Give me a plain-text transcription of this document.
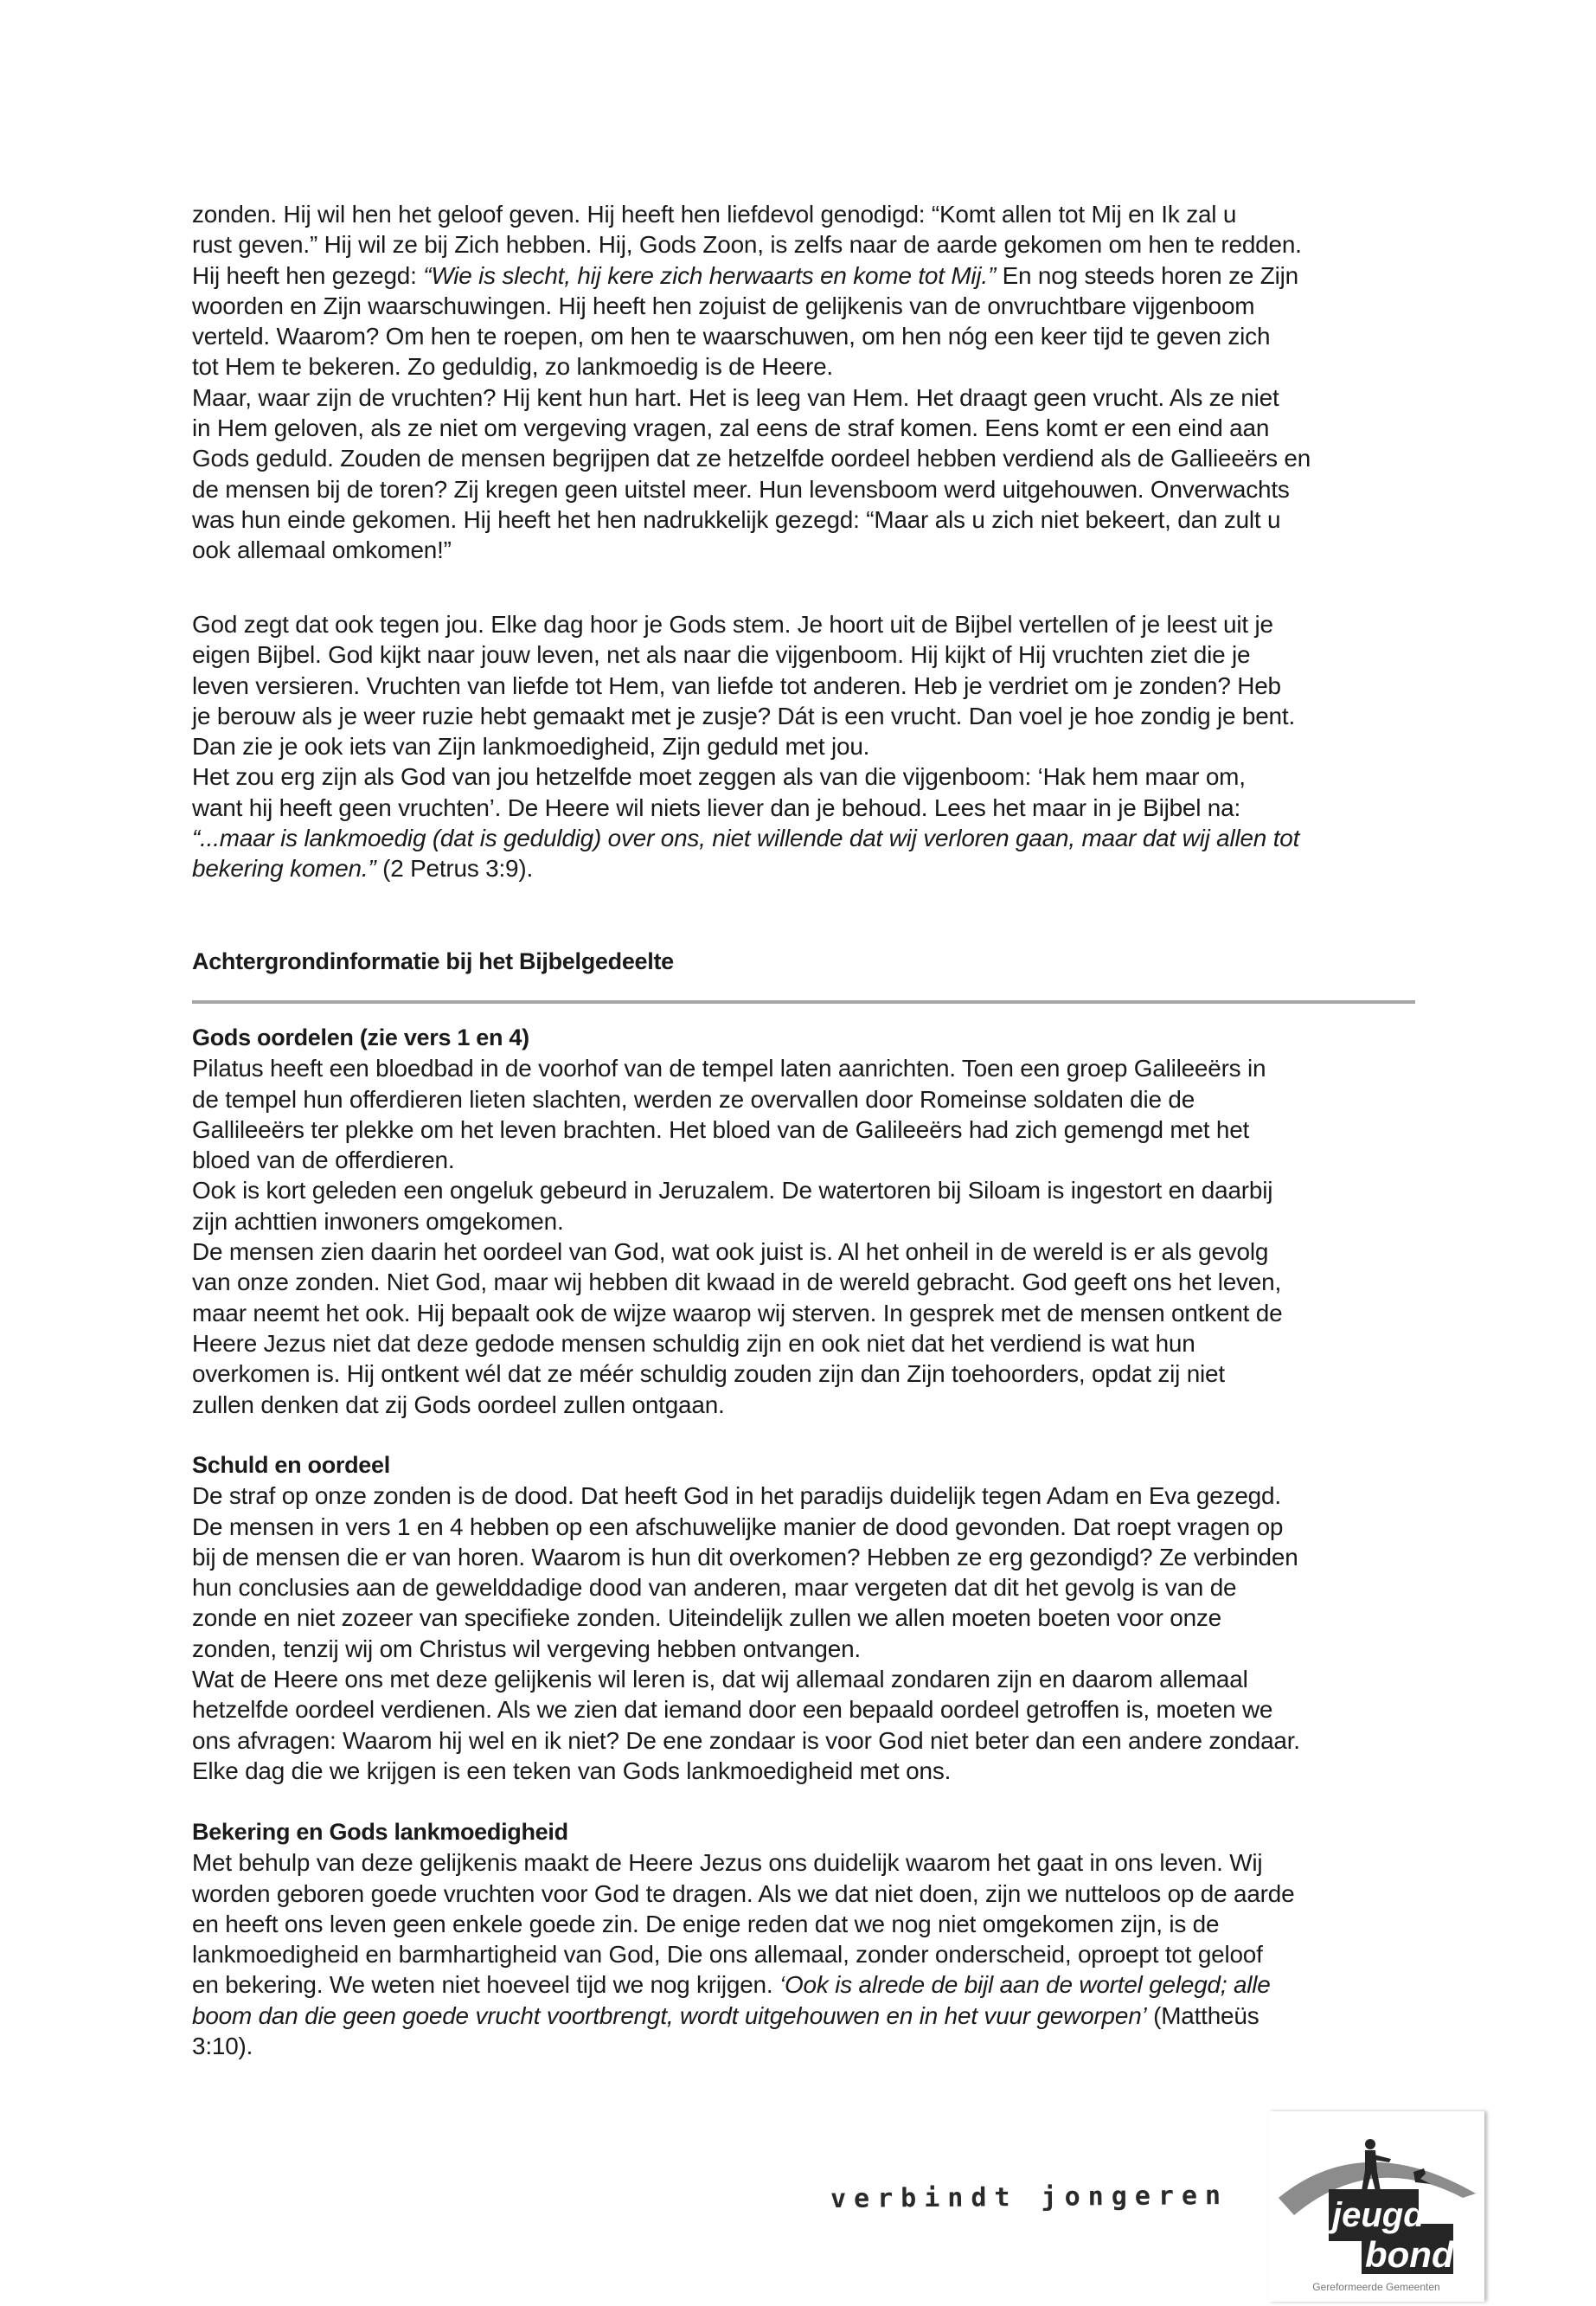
zonden. Hij wil hen het geloof geven. Hij heeft hen liefdevol genodigd: “Komt allen tot Mij en Ik zal u
rust geven.” Hij wil ze bij Zich hebben. Hij, Gods Zoon, is zelfs naar de aarde gekomen om hen te redden.
Hij heeft hen gezegd: “Wie is slecht, hij kere zich herwaarts en kome tot Mij.” En nog steeds horen ze Zijn
woorden en Zijn waarschuwingen. Hij heeft hen zojuist de gelijkenis van de onvruchtbare vijgenboom
verteld. Waarom? Om hen te roepen, om hen te waarschuwen, om hen nóg een keer tijd te geven zich
tot Hem te bekeren. Zo geduldig, zo lankmoedig is de Heere.
Maar, waar zijn de vruchten? Hij kent hun hart. Het is leeg van Hem. Het draagt geen vrucht. Als ze niet
in Hem geloven, als ze niet om vergeving vragen, zal eens de straf komen. Eens komt er een eind aan
Gods geduld. Zouden de mensen begrijpen dat ze hetzelfde oordeel hebben verdiend als de Gallieeërs en
de mensen bij de toren? Zij kregen geen uitstel meer. Hun levensboom werd uitgehouwen. Onverwachts
was hun einde gekomen. Hij heeft het hen nadrukkelijk gezegd: “Maar als u zich niet bekeert, dan zult u
ook allemaal omkomen!”
God zegt dat ook tegen jou. Elke dag hoor je Gods stem. Je hoort uit de Bijbel vertellen of je leest uit je
eigen Bijbel. God kijkt naar jouw leven, net als naar die vijgenboom. Hij kijkt of Hij vruchten ziet die je
leven versieren. Vruchten van liefde tot Hem, van liefde tot anderen. Heb je verdriet om je zonden? Heb
je berouw als je weer ruzie hebt gemaakt met je zusje? Dát is een vrucht. Dan voel je hoe zondig je bent.
Dan zie je ook iets van Zijn lankmoedigheid, Zijn geduld met jou.
Het zou erg zijn als God van jou hetzelfde moet zeggen als van die vijgenboom: ‘Hak hem maar om,
want hij heeft geen vruchten’. De Heere wil niets liever dan je behoud. Lees het maar in je Bijbel na:
“...maar is lankmoedig (dat is geduldig) over ons, niet willende dat wij verloren gaan, maar dat wij allen tot
bekering komen.” (2 Petrus 3:9).
Achtergrondinformatie bij het Bijbelgedeelte
Gods oordelen (zie vers 1 en 4)
Pilatus heeft een bloedbad in de voorhof van de tempel laten aanrichten. Toen een groep Galileeërs in
de tempel hun offerdieren lieten slachten, werden ze overvallen door Romeinse soldaten die de
Gallileeërs ter plekke om het leven brachten. Het bloed van de Galileeërs had zich gemengd met het
bloed van de offerdieren.
Ook is kort geleden een ongeluk gebeurd in Jeruzalem. De watertoren bij Siloam is ingestort en daarbij
zijn achttien inwoners omgekomen.
De mensen zien daarin het oordeel van God, wat ook juist is. Al het onheil in de wereld is er als gevolg
van onze zonden. Niet God, maar wij hebben dit kwaad in de wereld gebracht. God geeft ons het leven,
maar neemt het ook. Hij bepaalt ook de wijze waarop wij sterven. In gesprek met de mensen ontkent de
Heere Jezus niet dat deze gedode mensen schuldig zijn en ook niet dat het verdiend is wat hun
overkomen is. Hij ontkent wél dat ze méér schuldig zouden zijn dan Zijn toehoorders, opdat zij niet
zullen denken dat zij Gods oordeel zullen ontgaan.
Schuld en oordeel
De straf op onze zonden is de dood. Dat heeft God in het paradijs duidelijk tegen Adam en Eva gezegd.
De mensen in vers 1 en 4 hebben op een afschuwelijke manier de dood gevonden. Dat roept vragen op
bij de mensen die er van horen. Waarom is hun dit overkomen? Hebben ze erg gezondigd? Ze verbinden
hun conclusies aan de gewelddadige dood van anderen, maar vergeten dat dit het gevolg is van de
zonde en niet zozeer van specifieke zonden. Uiteindelijk zullen we allen moeten boeten voor onze
zonden, tenzij wij om Christus wil vergeving hebben ontvangen.
Wat de Heere ons met deze gelijkenis wil leren is, dat wij allemaal zondaren zijn en daarom allemaal
hetzelfde oordeel verdienen. Als we zien dat iemand door een bepaald oordeel getroffen is, moeten we
ons afvragen: Waarom hij wel en ik niet? De ene zondaar is voor God niet beter dan een andere zondaar.
Elke dag die we krijgen is een teken van Gods lankmoedigheid met ons.
Bekering en Gods lankmoedigheid
Met behulp van deze gelijkenis maakt de Heere Jezus ons duidelijk waarom het gaat in ons leven. Wij
worden geboren goede vruchten voor God te dragen. Als we dat niet doen, zijn we nutteloos op de aarde
en heeft ons leven geen enkele goede zin. De enige reden dat we nog niet omgekomen zijn, is de
lankmoedigheid en barmhartigheid van God, Die ons allemaal, zonder onderscheid, oproept tot geloof
en bekering. We weten niet hoeveel tijd we nog krijgen. ‘Ook is alrede de bijl aan de wortel gelegd; alle
boom dan die geen goede vrucht voortbrengt, wordt uitgehouwen en in het vuur geworpen’ (Mattheüs
3:10).
verbindt jongeren	jeugd
bond
Gereformeerde Gemeenten
